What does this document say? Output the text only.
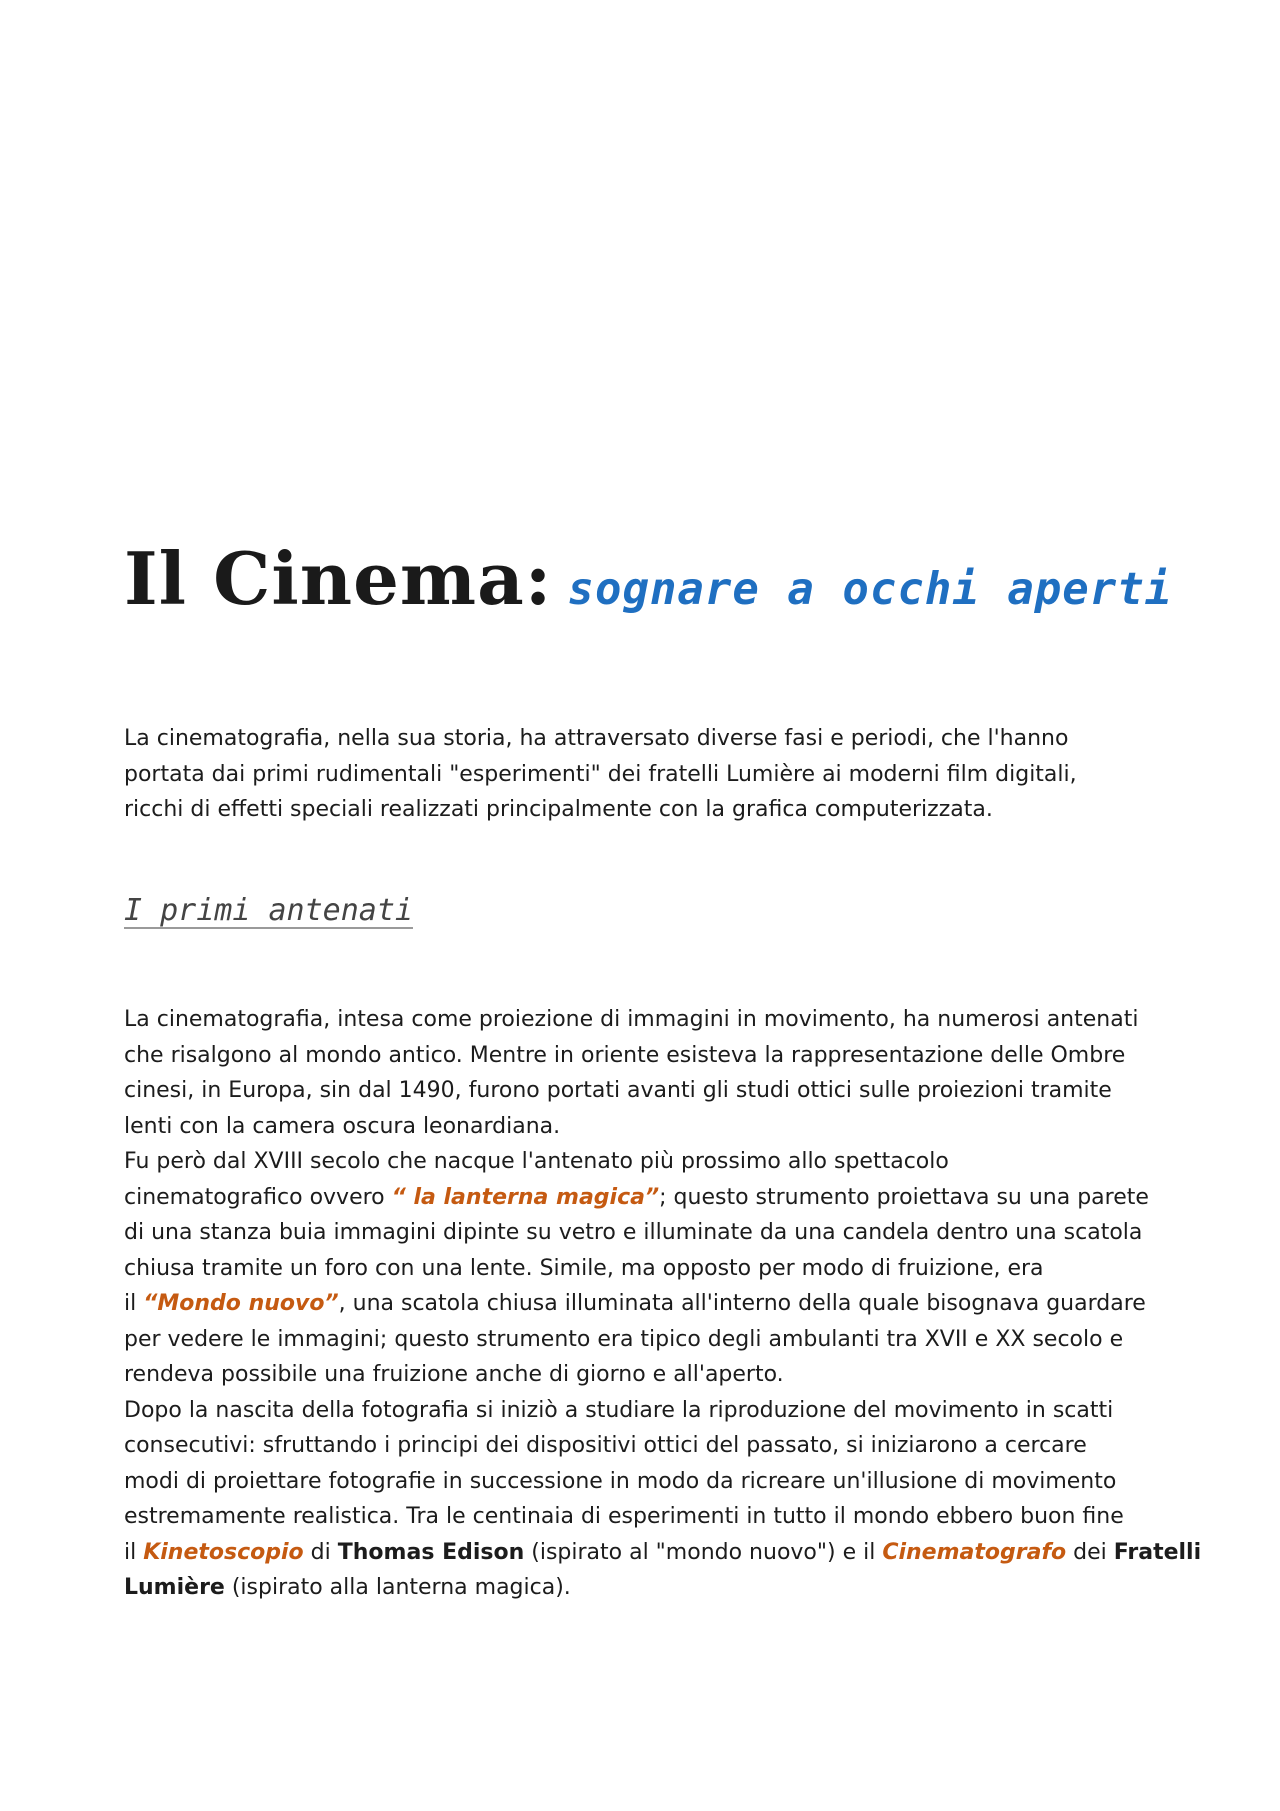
Il Cinema: sognare a occhi aperti

La cinematografia, nella sua storia, ha attraversato diverse fasi e periodi, che l'hanno
portata dai primi rudimentali "esperimenti" dei fratelli Lumière ai moderni film digitali,
ricchi di effetti speciali realizzati principalmente con la grafica computerizzata.

I primi antenati

La cinematografia, intesa come proiezione di immagini in movimento, ha numerosi antenati
che risalgono al mondo antico. Mentre in oriente esisteva la rappresentazione delle Ombre
cinesi, in Europa, sin dal 1490, furono portati avanti gli studi ottici sulle proiezioni tramite
lenti con la camera oscura leonardiana.
Fu però dal XVIII secolo che nacque l'antenato più prossimo allo spettacolo
cinematografico ovvero “ la lanterna magica”; questo strumento proiettava su una parete
di una stanza buia immagini dipinte su vetro e illuminate da una candela dentro una scatola
chiusa tramite un foro con una lente. Simile, ma opposto per modo di fruizione, era
il “Mondo nuovo”, una scatola chiusa illuminata all'interno della quale bisognava guardare
per vedere le immagini; questo strumento era tipico degli ambulanti tra XVII e XX secolo e
rendeva possibile una fruizione anche di giorno e all'aperto.
Dopo la nascita della fotografia si iniziò a studiare la riproduzione del movimento in scatti
consecutivi: sfruttando i principi dei dispositivi ottici del passato, si iniziarono a cercare
modi di proiettare fotografie in successione in modo da ricreare un'illusione di movimento
estremamente realistica. Tra le centinaia di esperimenti in tutto il mondo ebbero buon fine
il Kinetoscopio di Thomas Edison (ispirato al "mondo nuovo") e il Cinematografo dei Fratelli
Lumière (ispirato alla lanterna magica).
